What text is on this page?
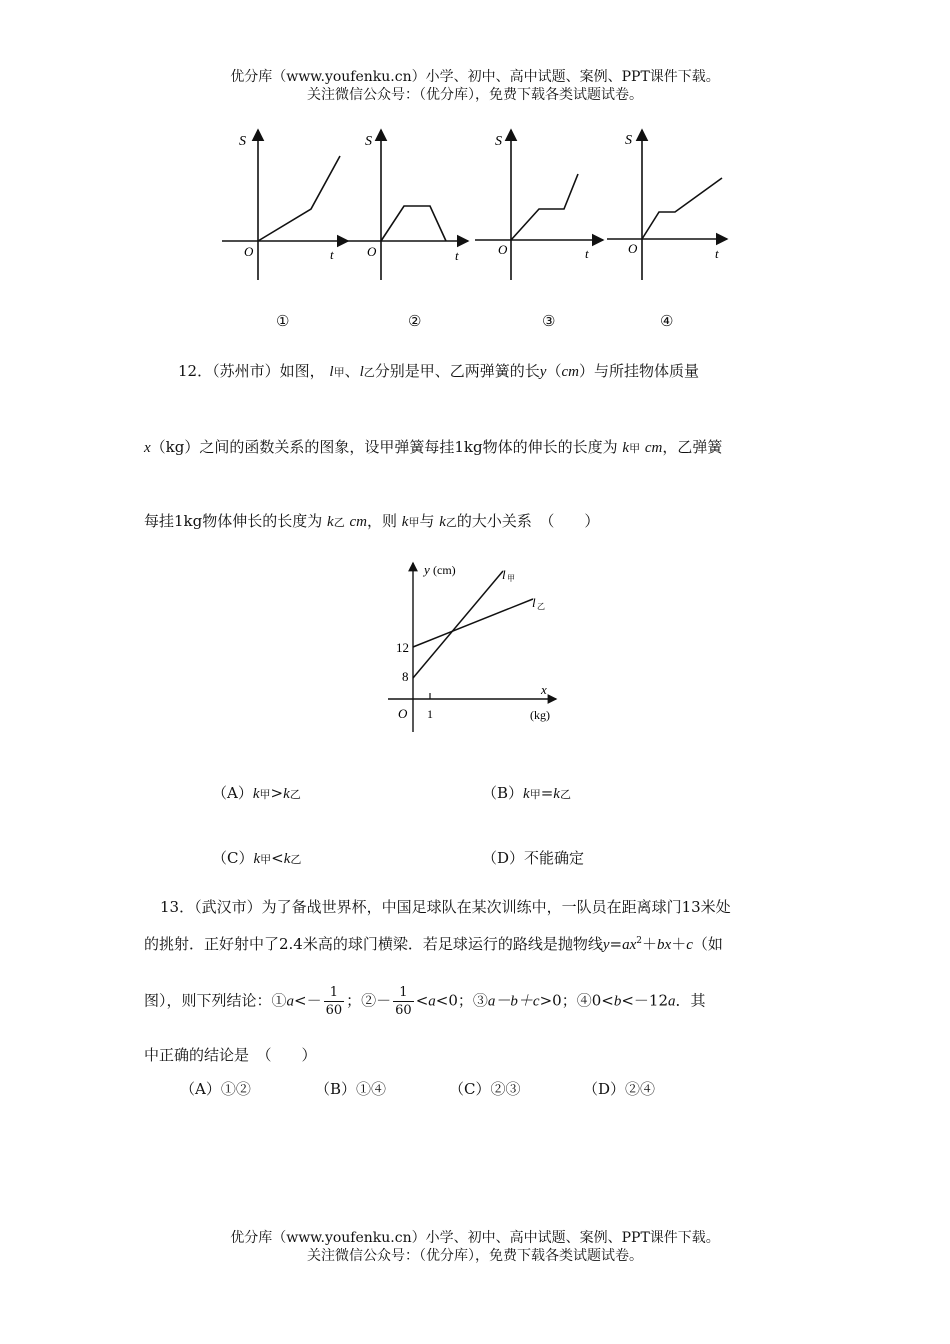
优分库（www.youfenku.cn）小学、初中、高中试题、案例、PPT课件下载。
关注微信公众号：（优分库），免费下载各类试题试卷。
S
O	t
S
O	t
S
O	t
S
O	t
①	②	③	④
12．（苏州市）如图， l甲、l乙分别是甲、乙两弹簧的长y（cm）与所挂物体质量
x（kg）之间的函数关系的图象，设甲弹簧每挂1kg物体的伸长的长度为 k甲 cm，乙弹簧
每挂1kg物体伸长的长度为 k乙 cm，则 k甲与 k乙的大小关系　（　　）
y (cm)	l 甲
l 乙
12
8
x
O 1	(kg)
（A）k甲>k乙	（B）k甲=k乙
（C）k甲<k乙	（D）不能确定
13．（武汉市）为了备战世界杯，中国足球队在某次训练中，一队员在距离球门13米处
的挑射．正好射中了2.4米高的球门横梁．若足球运行的路线是抛物线$y=ax^2+bx+c$（如
图），则下列结论：①a<－ $\frac{1}{60}$ ；②－ $\frac{1}{60} <a<0$；③a－b＋c>0；④0<b<－12a．其
中正确的结论是　（　　）
（A）①②	（B）①④	（C）②③	（D）②④
优分库（www.youfenku.cn）小学、初中、高中试题、案例、PPT课件下载。
关注微信公众号：（优分库），免费下载各类试题试卷。
